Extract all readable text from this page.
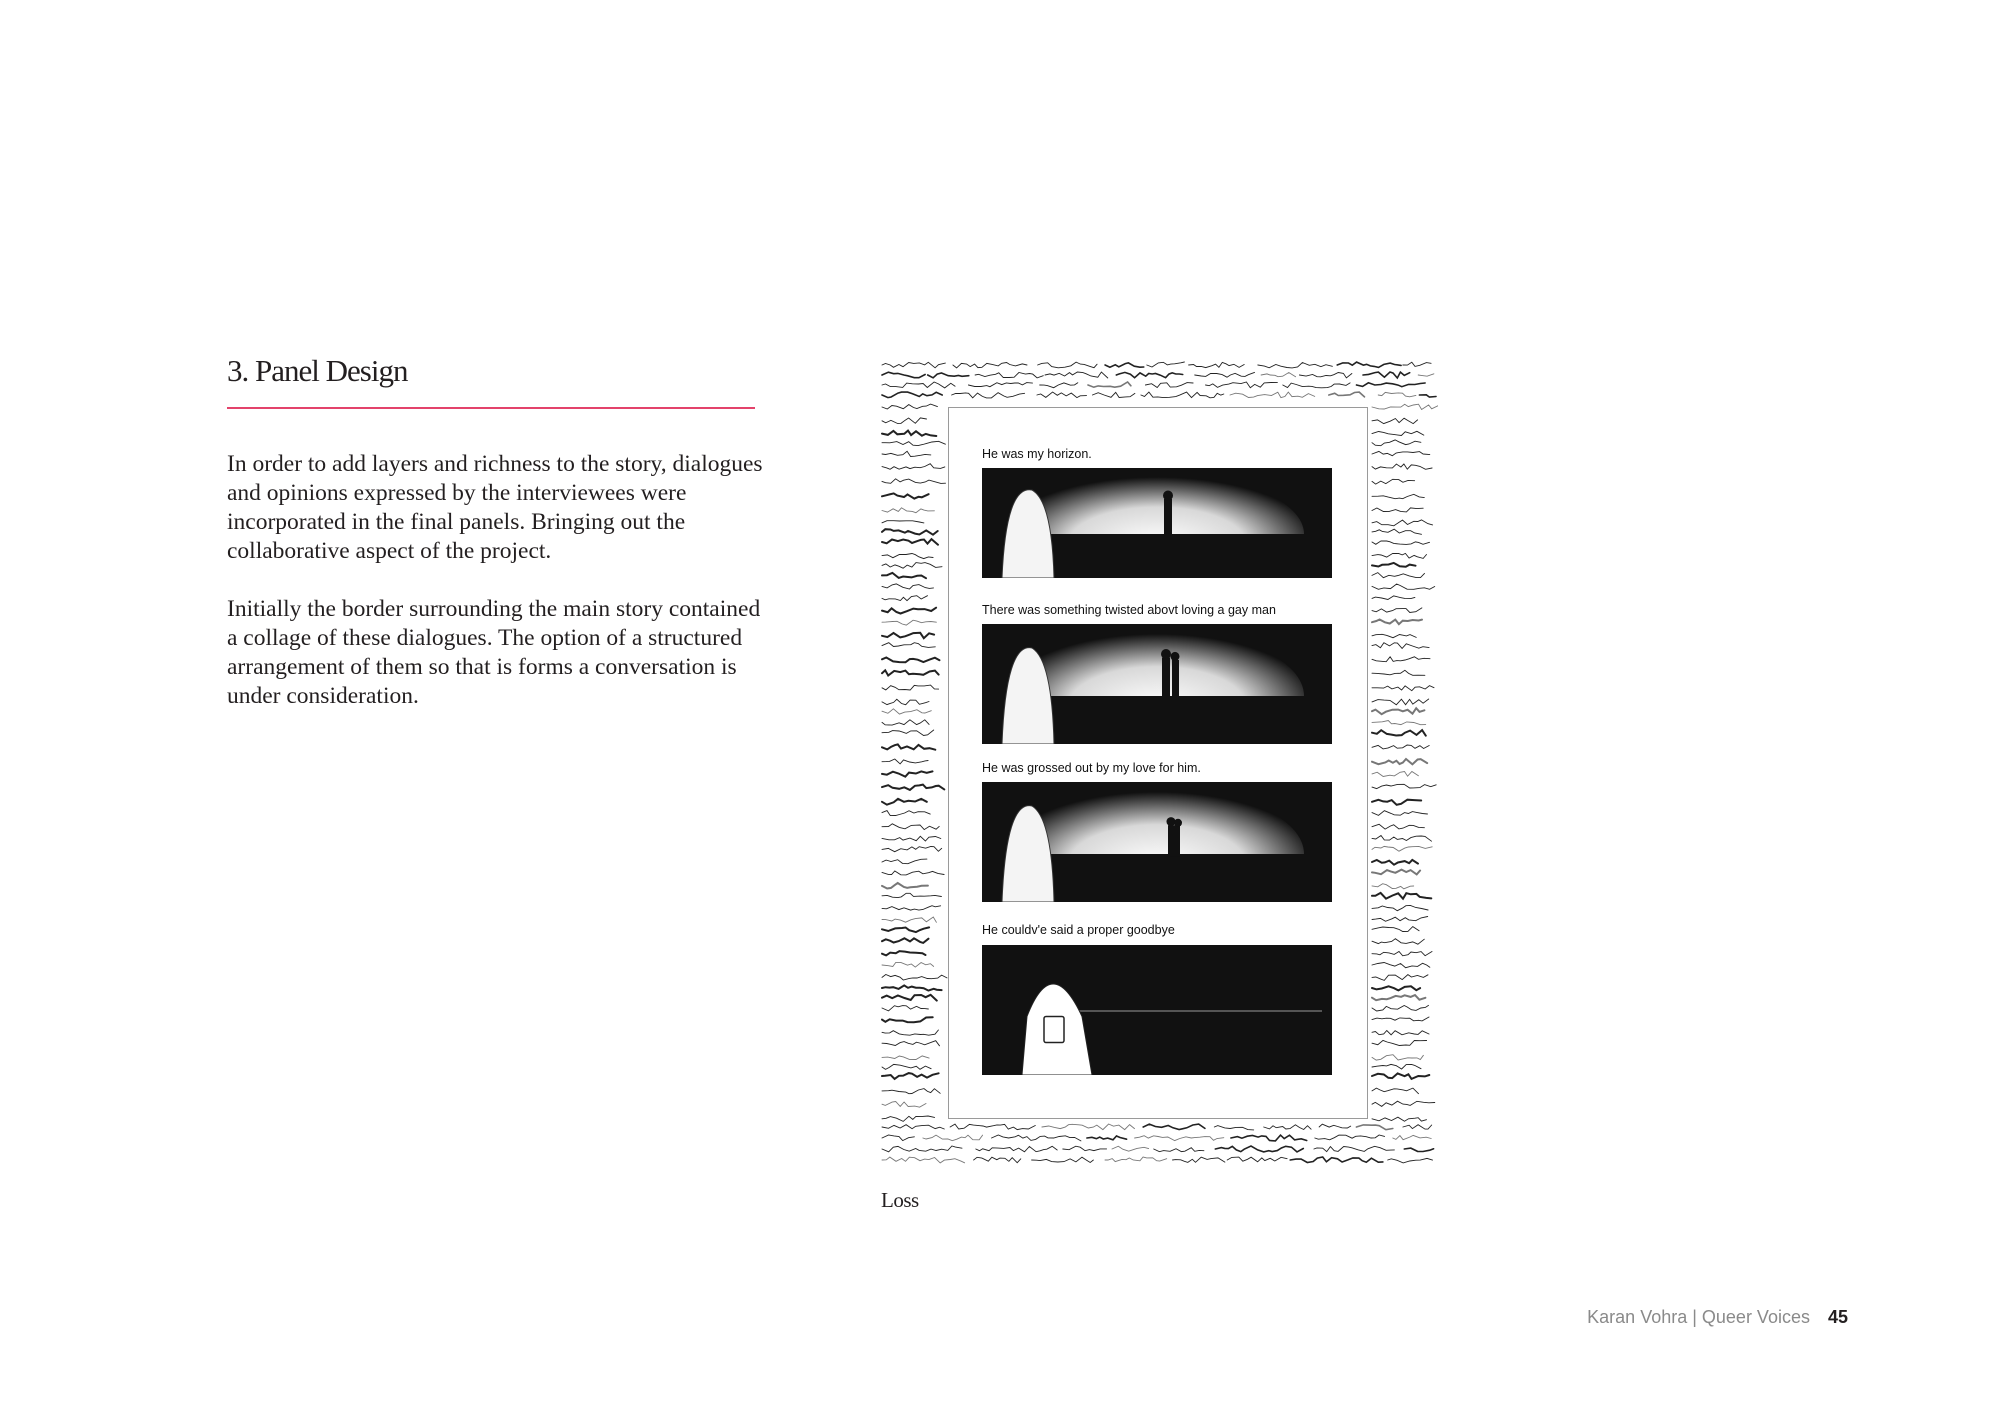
3. Panel Design

In order to add layers and richness to the story, dialogues and opinions expressed by the interviewees were incorporated in the final panels. Bringing out the collaborative aspect of the project.

Initially the border surrounding the main story contained a collage of these dialogues. The option of a structured arrangement of them so that is forms a conversation is under consideration.

He was my horizon.
There was something twisted abovt loving a gay man
He was grossed out by my love for him.
He couldv'e said a proper goodbye
Loss
Karan Vohra | Queer Voices 45
